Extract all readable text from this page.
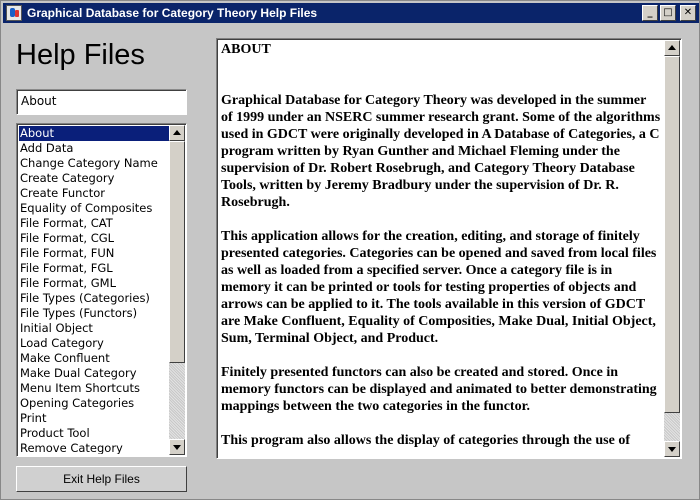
Graphical Database for Category Theory Help Files	_	□	✕
Help Files
About
About
Add Data
Change Category Name
Create Category
Create Functor
Equality of Composites
File Format, CAT
File Format, CGL
File Format, FUN
File Format, FGL
File Format, GML
File Types (Categories)
File Types (Functors)
Initial Object
Load Category
Make Confluent
Make Dual Category
Menu Item Shortcuts
Opening Categories
Print
Product Tool
Remove Category
Exit Help Files

ABOUT

Graphical Database for Category Theory was developed in the summer of 1999 under an NSERC summer research grant. Some of the algorithms used in GDCT were originally developed in A Database of Categories, a C program written by Ryan Gunther and Michael Fleming under the supervision of Dr. Robert Rosebrugh, and Category Theory Database Tools, written by Jeremy Bradbury under the supervision of Dr. R. Rosebrugh.

This application allows for the creation, editing, and storage of finitely presented categories. Categories can be opened and saved from local files as well as loaded from a specified server. Once a category file is in memory it can be printed or tools for testing properties of objects and arrows can be applied to it. The tools available in this version of GDCT are Make Confluent, Equality of Composities, Make Dual, Initial Object, Sum, Terminal Object, and Product.

Finitely presented functors can also be created and stored. Once in memory functors can be displayed and animated to better demonstrating mappings between the two categories in the functor.

This program also allows the display of categories through the use of
